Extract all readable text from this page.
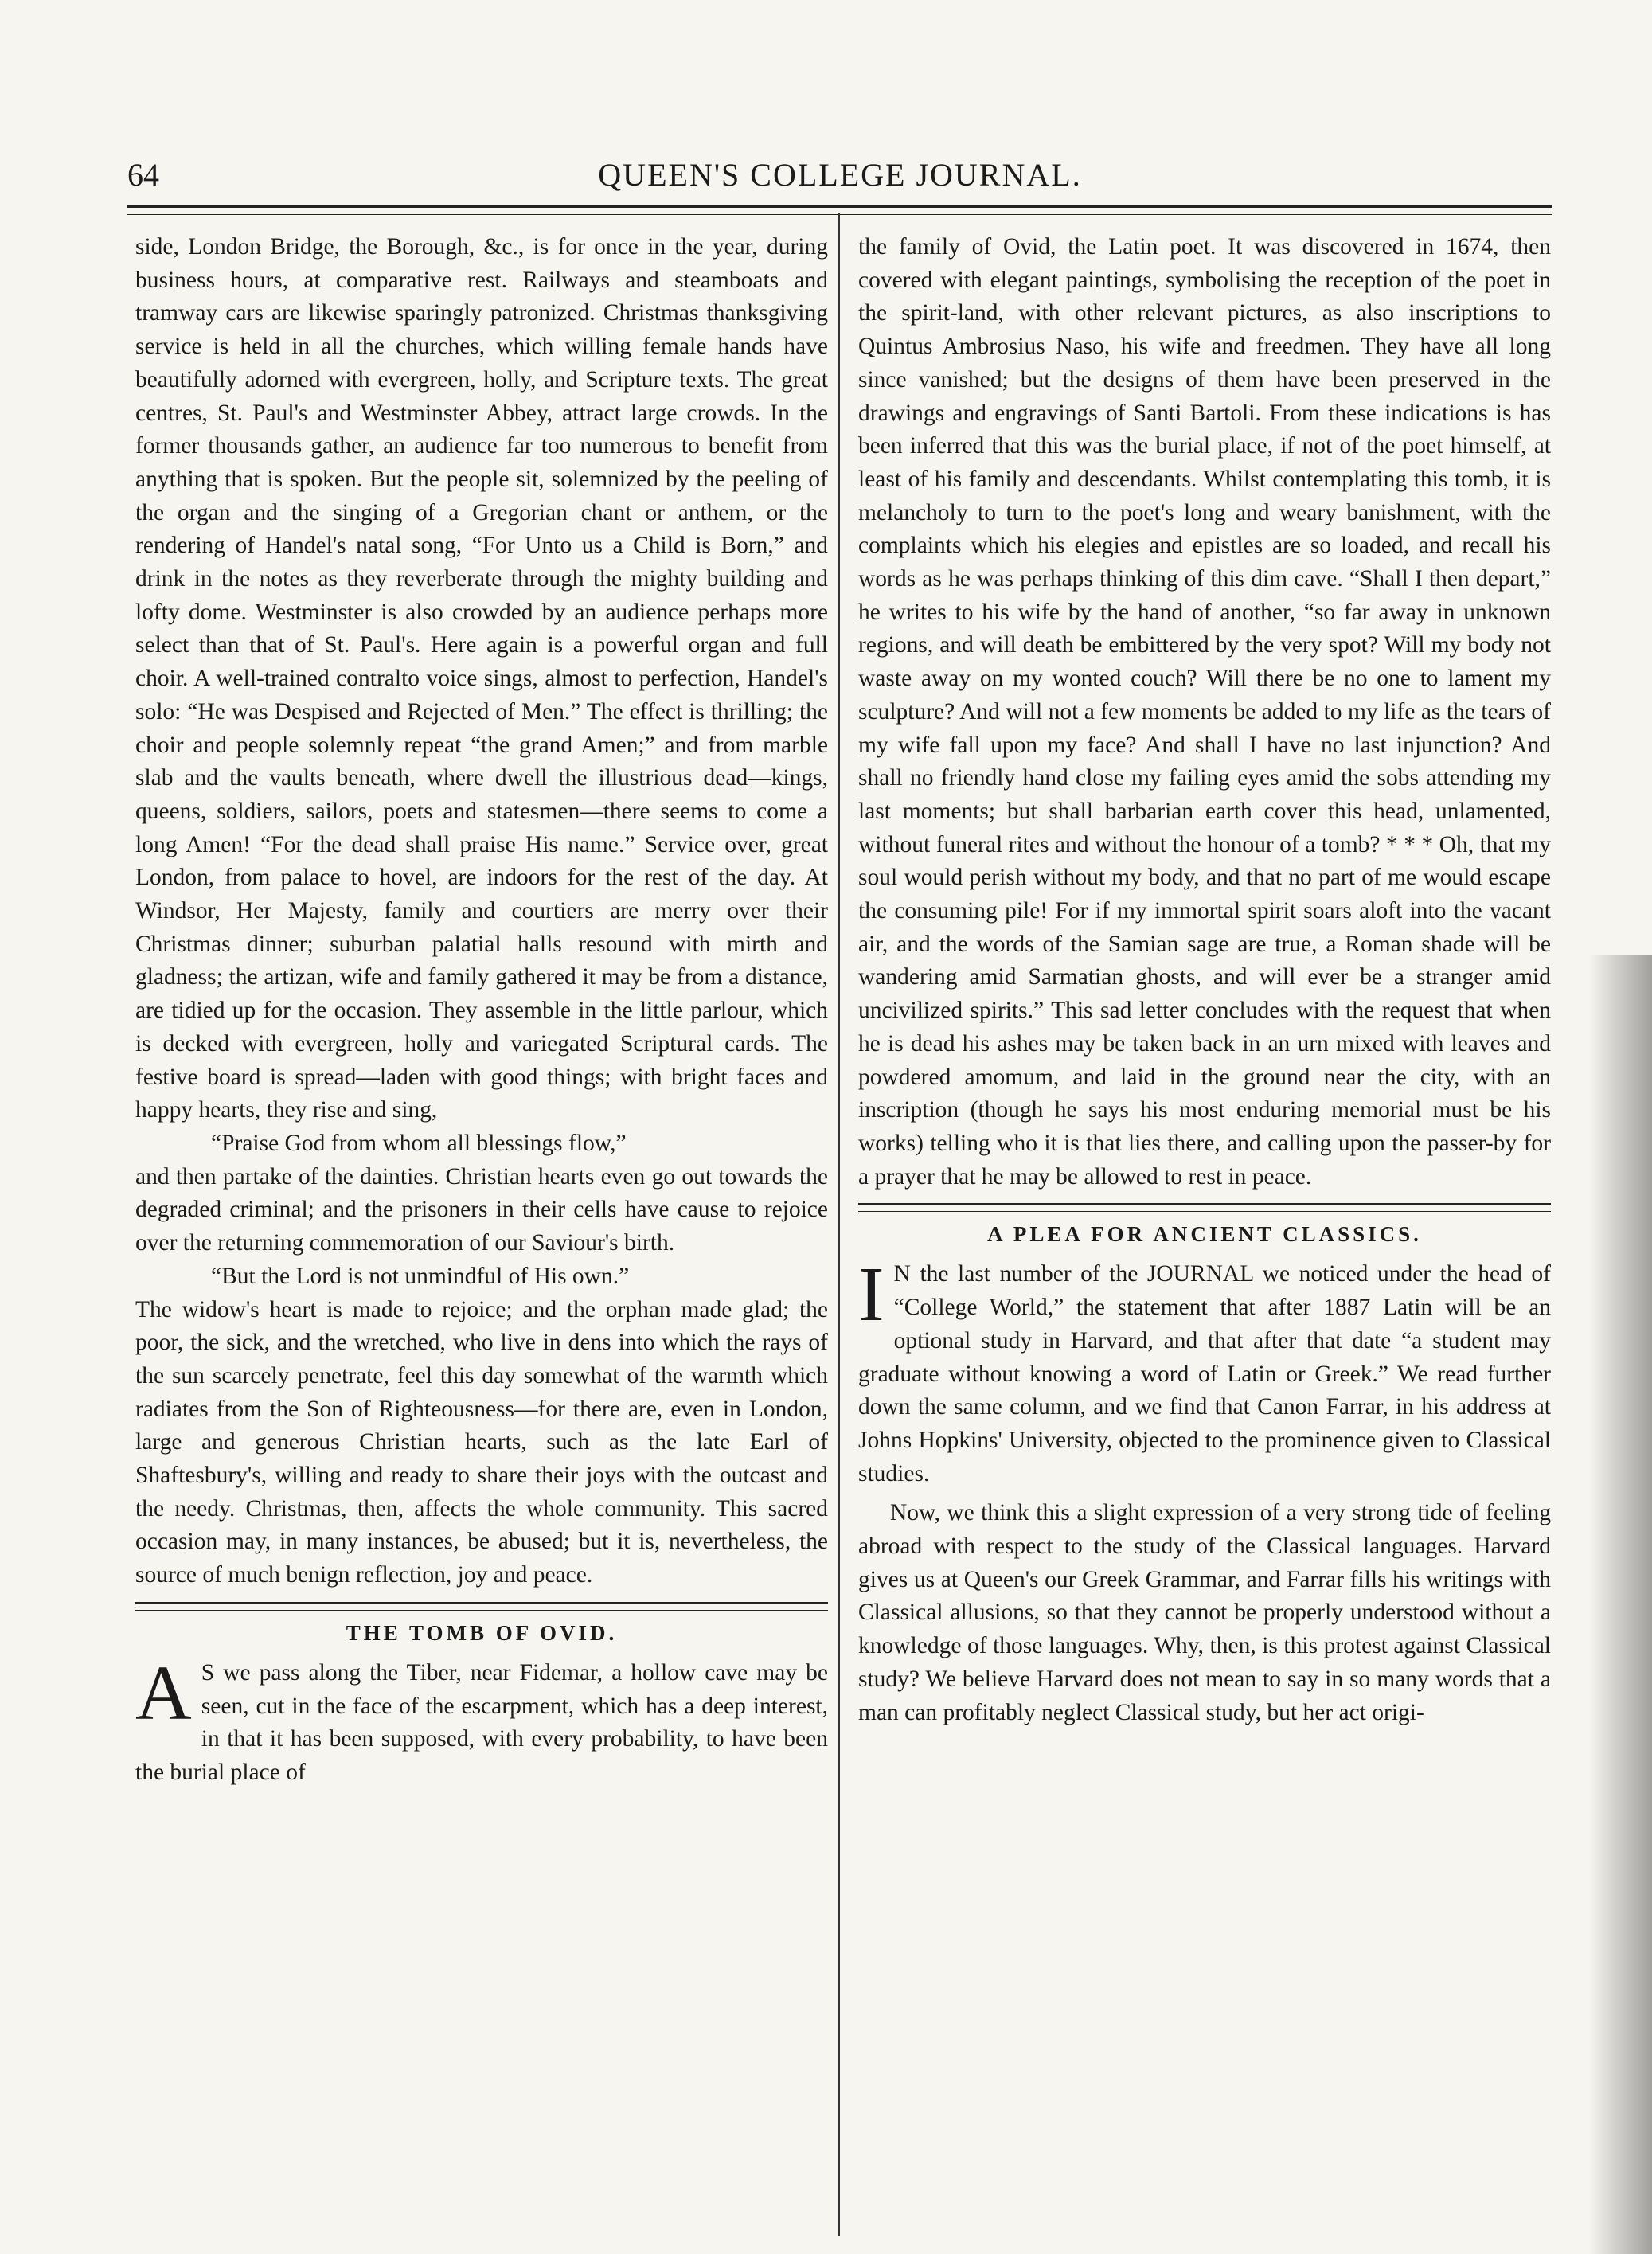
64	QUEEN'S COLLEGE JOURNAL.

side, London Bridge, the Borough, &c., is for once in the year, during business hours, at comparative rest. Railways and steamboats and tramway cars are likewise sparingly patronized. Christmas thanksgiving service is held in all the churches, which willing female hands have beautifully adorned with evergreen, holly, and Scripture texts. The great centres, St. Paul's and Westminster Abbey, attract large crowds. In the former thousands gather, an audience far too numerous to benefit from anything that is spoken. But the people sit, solemnized by the peeling of the organ and the singing of a Gregorian chant or anthem, or the rendering of Handel's natal song, “For Unto us a Child is Born,” and drink in the notes as they reverberate through the mighty building and lofty dome. Westminster is also crowded by an audience perhaps more select than that of St. Paul's. Here again is a powerful organ and full choir. A well-trained contralto voice sings, almost to perfection, Handel's solo: “He was Despised and Rejected of Men.” The effect is thrilling; the choir and people solemnly repeat “the grand Amen;” and from marble slab and the vaults beneath, where dwell the illustrious dead—kings, queens, soldiers, sailors, poets and statesmen—there seems to come a long Amen! “For the dead shall praise His name.” Service over, great London, from palace to hovel, are indoors for the rest of the day. At Windsor, Her Majesty, family and courtiers are merry over their Christmas dinner; suburban palatial halls resound with mirth and gladness; the artizan, wife and family gathered it may be from a distance, are tidied up for the occasion. They assemble in the little parlour, which is decked with evergreen, holly and variegated Scriptural cards. The festive board is spread—laden with good things; with bright faces and happy hearts, they rise and sing,

“Praise God from whom all blessings flow,”

and then partake of the dainties. Christian hearts even go out towards the degraded criminal; and the prisoners in their cells have cause to rejoice over the returning commemoration of our Saviour's birth.

“But the Lord is not unmindful of His own.”

The widow's heart is made to rejoice; and the orphan made glad; the poor, the sick, and the wretched, who live in dens into which the rays of the sun scarcely penetrate, feel this day somewhat of the warmth which radiates from the Son of Righteousness—for there are, even in London, large and generous Christian hearts, such as the late Earl of Shaftesbury's, willing and ready to share their joys with the outcast and the needy. Christmas, then, affects the whole community. This sacred occasion may, in many instances, be abused; but it is, nevertheless, the source of much benign reflection, joy and peace.

THE TOMB OF OVID.

A S we pass along the Tiber, near Fidemar, a hollow cave may be seen, cut in the face of the escarpment, which has a deep interest, in that it has been supposed, with every probability, to have been the burial place of

the family of Ovid, the Latin poet. It was discovered in 1674, then covered with elegant paintings, symbolising the reception of the poet in the spirit-land, with other relevant pictures, as also inscriptions to Quintus Ambrosius Naso, his wife and freedmen. They have all long since vanished; but the designs of them have been preserved in the drawings and engravings of Santi Bartoli. From these indications is has been inferred that this was the burial place, if not of the poet himself, at least of his family and descendants. Whilst contemplating this tomb, it is melancholy to turn to the poet's long and weary banishment, with the complaints which his elegies and epistles are so loaded, and recall his words as he was perhaps thinking of this dim cave. “Shall I then depart,” he writes to his wife by the hand of another, “so far away in unknown regions, and will death be embittered by the very spot? Will my body not waste away on my wonted couch? Will there be no one to lament my sculpture? And will not a few moments be added to my life as the tears of my wife fall upon my face? And shall I have no last injunction? And shall no friendly hand close my failing eyes amid the sobs attending my last moments; but shall barbarian earth cover this head, unlamented, without funeral rites and without the honour of a tomb? * * * Oh, that my soul would perish without my body, and that no part of me would escape the consuming pile! For if my immortal spirit soars aloft into the vacant air, and the words of the Samian sage are true, a Roman shade will be wandering amid Sarmatian ghosts, and will ever be a stranger amid uncivilized spirits.” This sad letter concludes with the request that when he is dead his ashes may be taken back in an urn mixed with leaves and powdered amomum, and laid in the ground near the city, with an inscription (though he says his most enduring memorial must be his works) telling who it is that lies there, and calling upon the passer-by for a prayer that he may be allowed to rest in peace.

A PLEA FOR ANCIENT CLASSICS.

I N the last number of the JOURNAL we noticed under the head of “College World,” the statement that after 1887 Latin will be an optional study in Harvard, and that after that date “a student may graduate without knowing a word of Latin or Greek.” We read further down the same column, and we find that Canon Farrar, in his address at Johns Hopkins' University, objected to the prominence given to Classical studies.

Now, we think this a slight expression of a very strong tide of feeling abroad with respect to the study of the Classical languages. Harvard gives us at Queen's our Greek Grammar, and Farrar fills his writings with Classical allusions, so that they cannot be properly understood without a knowledge of those languages. Why, then, is this protest against Classical study? We believe Harvard does not mean to say in so many words that a man can profitably neglect Classical study, but her act origi-
